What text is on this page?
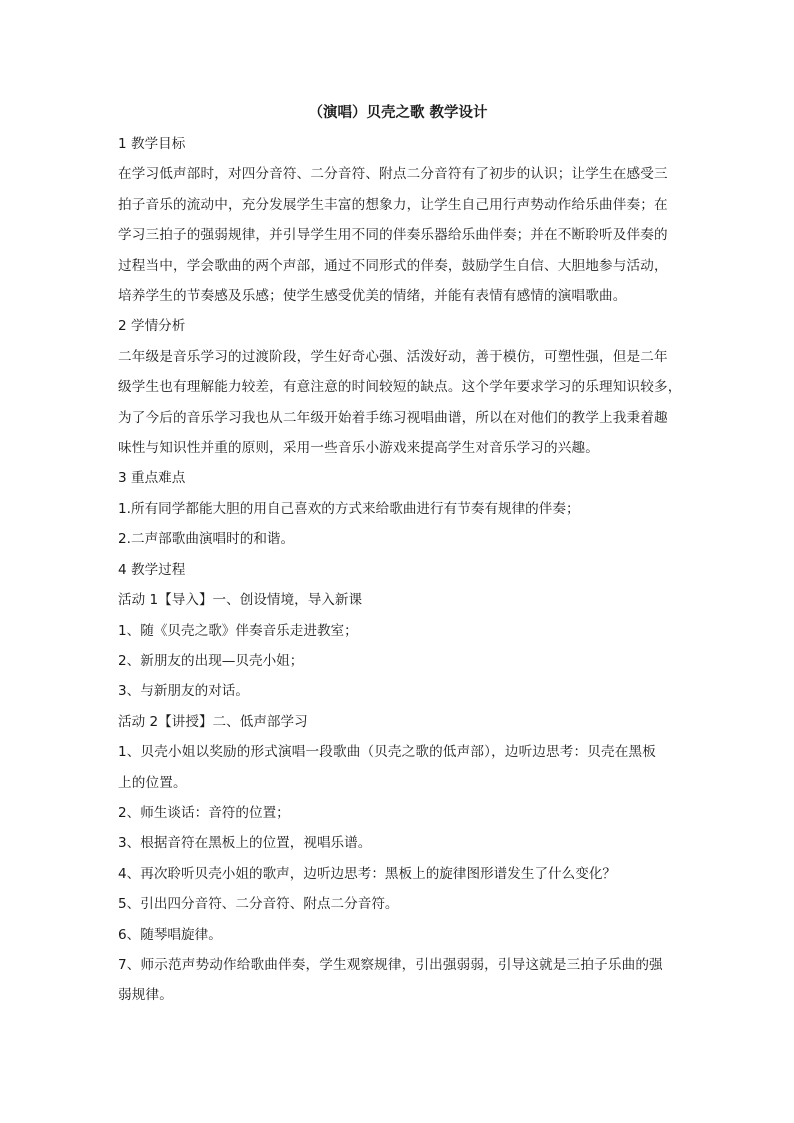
（演唱）贝壳之歌 教学设计
1 教学目标

在学习低声部时，对四分音符、二分音符、附点二分音符有了初步的认识；让学生在感受三

拍子音乐的流动中，充分发展学生丰富的想象力，让学生自己用行声势动作给乐曲伴奏；在

学习三拍子的强弱规律，并引导学生用不同的伴奏乐器给乐曲伴奏；并在不断聆听及伴奏的

过程当中，学会歌曲的两个声部，通过不同形式的伴奏，鼓励学生自信、大胆地参与活动，

培养学生的节奏感及乐感；使学生感受优美的情绪，并能有表情有感情的演唱歌曲。

2 学情分析

二年级是音乐学习的过渡阶段，学生好奇心强、活泼好动，善于模仿，可塑性强，但是二年

级学生也有理解能力较差，有意注意的时间较短的缺点。这个学年要求学习的乐理知识较多，

为了今后的音乐学习我也从二年级开始着手练习视唱曲谱，所以在对他们的教学上我秉着趣

味性与知识性并重的原则，采用一些音乐小游戏来提高学生对音乐学习的兴趣。

3 重点难点
1.所有同学都能大胆的用自己喜欢的方式来给歌曲进行有节奏有规律的伴奏；
2.二声部歌曲演唱时的和谐。
4 教学过程
活动 1【导入】一、创设情境，导入新课
1、随《贝壳之歌》伴奏音乐走进教室；
2、新朋友的出现—贝壳小姐；
3、与新朋友的对话。
活动 2【讲授】二、低声部学习

1、贝壳小姐以奖励的形式演唱一段歌曲（贝壳之歌的低声部），边听边思考：贝壳在黑板

上的位置。

2、师生谈话：音符的位置；
3、根据音符在黑板上的位置，视唱乐谱。
4、再次聆听贝壳小姐的歌声，边听边思考：黑板上的旋律图形谱发生了什么变化？
5、引出四分音符、二分音符、附点二分音符。
6、随琴唱旋律。

7、师示范声势动作给歌曲伴奏，学生观察规律，引出强弱弱，引导这就是三拍子乐曲的强

弱规律。
